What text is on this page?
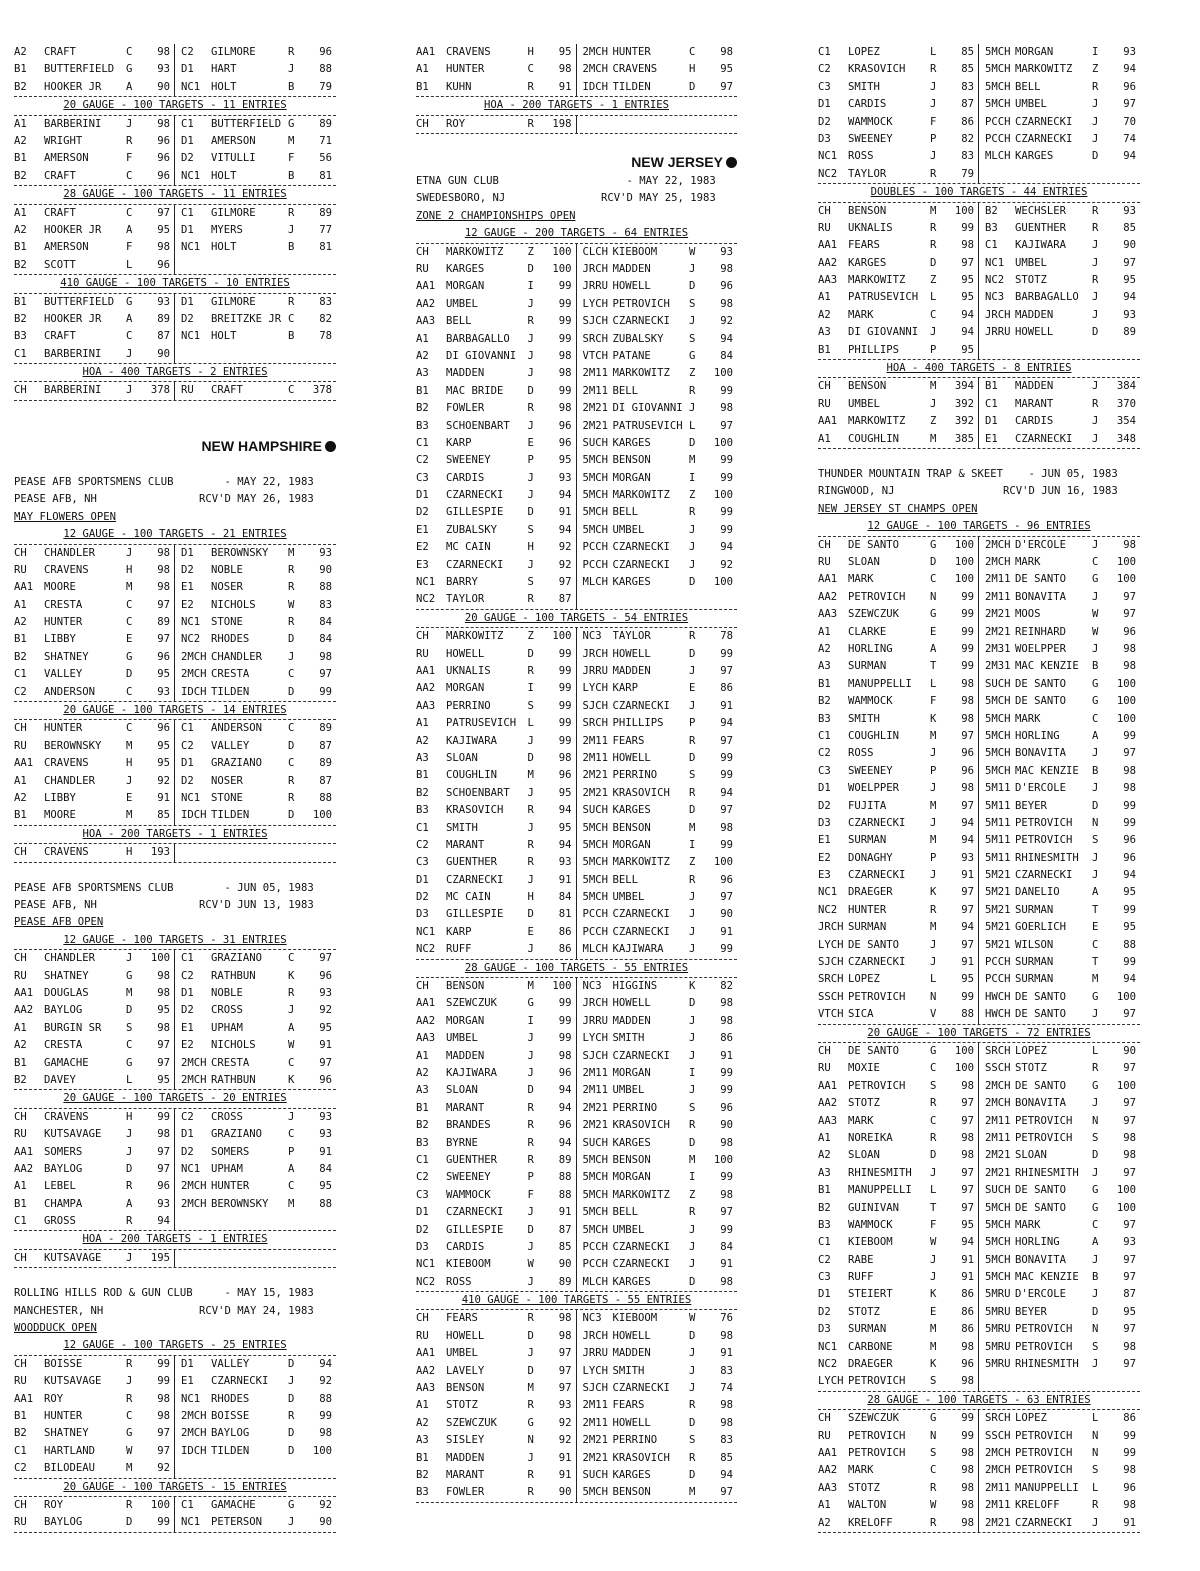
A2	CRAFT	C	98	C2	GILMORE	R	96
B1	BUTTERFIELD	G	93	D1	HART	J	88
B2	HOOKER JR	A	90	NC1	HOLT	B	79
20 GAUGE - 100 TARGETS - 11 ENTRIES
A1	BARBERINI	J	98	C1	BUTTERFIELD G	89
A2	WRIGHT	R	96	D1	AMERSON	M	71
B1	AMERSON	F	96	D2	VITULLI	F	56
B2	CRAFT	C	96	NC1	HOLT	B	81
28 GAUGE - 100 TARGETS - 11 ENTRIES
A1	CRAFT	C	97	C1	GILMORE	R	89
A2	HOOKER JR	A	95	D1	MYERS	J	77
B1	AMERSON	F	98	NC1	HOLT	B	81
B2	SCOTT	L	96
410 GAUGE - 100 TARGETS - 10 ENTRIES
B1	BUTTERFIELD	G	93	D1	GILMORE	R	83
B2	HOOKER JR	A	89	D2	BREITZKE JR C	82
B3	CRAFT	C	87	NC1	HOLT	B	78
C1	BARBERINI	J	90
HOA - 400 TARGETS - 2 ENTRIES
CH	BARBERINI	J	378	RU	CRAFT	C	378
NEW HAMPSHIRE
PEASE AFB SPORTSMENS CLUB        - MAY 22, 1983
PEASE AFB, NH                RCV'D MAY 26, 1983
MAY FLOWERS OPEN
12 GAUGE - 100 TARGETS - 21 ENTRIES
CH	CHANDLER	J	98	D1	BEROWNSKY	M	93
RU	CRAVENS	H	98	D2	NOBLE	R	90
AA1	MOORE	M	98	E1	NOSER	R	88
A1	CRESTA	C	97	E2	NICHOLS	W	83
A2	HUNTER	C	89	NC1	STONE	R	84
B1	LIBBY	E	97	NC2	RHODES	D	84
B2	SHATNEY	G	96	2MCH CHANDLER	J	98
C1	VALLEY	D	95	2MCH CRESTA	C	97
C2	ANDERSON	C	93	IDCH TILDEN	D	99
20 GAUGE - 100 TARGETS - 14 ENTRIES
CH	HUNTER	C	96	C1	ANDERSON	C	89
RU	BEROWNSKY	M	95	C2	VALLEY	D	87
AA1	CRAVENS	H	95	D1	GRAZIANO	C	89
A1	CHANDLER	J	92	D2	NOSER	R	87
A2	LIBBY	E	91	NC1	STONE	R	88
B1	MOORE	M	85	IDCH TILDEN	D	100
HOA - 200 TARGETS - 1 ENTRIES
CH	CRAVENS	H	193
PEASE AFB SPORTSMENS CLUB        - JUN 05, 1983
PEASE AFB, NH                RCV'D JUN 13, 1983
PEASE AFB OPEN
12 GAUGE - 100 TARGETS - 31 ENTRIES
CH	CHANDLER	J	100	C1	GRAZIANO	C	97
RU	SHATNEY	G	98	C2	RATHBUN	K	96
AA1	DOUGLAS	M	98	D1	NOBLE	R	93
AA2	BAYLOG	D	95	D2	CROSS	J	92
A1	BURGIN SR	S	98	E1	UPHAM	A	95
A2	CRESTA	C	97	E2	NICHOLS	W	91
B1	GAMACHE	G	97	2MCH CRESTA	C	97
B2	DAVEY	L	95	2MCH RATHBUN	K	96
20 GAUGE - 100 TARGETS - 20 ENTRIES
CH	CRAVENS	H	99	C2	CROSS	J	93
RU	KUTSAVAGE	J	98	D1	GRAZIANO	C	93
AA1	SOMERS	J	97	D2	SOMERS	P	91
AA2	BAYLOG	D	97	NC1	UPHAM	A	84
A1	LEBEL	R	96	2MCH HUNTER	C	95
B1	CHAMPA	A	93	2MCH BEROWNSKY	M	88
C1	GROSS	R	94
HOA - 200 TARGETS - 1 ENTRIES
CH	KUTSAVAGE	J	195
ROLLING HILLS ROD & GUN CLUB     - MAY 15, 1983
MANCHESTER, NH               RCV'D MAY 24, 1983
WOODDUCK OPEN
12 GAUGE - 100 TARGETS - 25 ENTRIES
CH	BOISSE	R	99	D1	VALLEY	D	94
RU	KUTSAVAGE	J	99	E1	CZARNECKI	J	92
AA1	ROY	R	98	NC1	RHODES	D	88
B1	HUNTER	C	98	2MCH BOISSE	R	99
B2	SHATNEY	G	97	2MCH BAYLOG	D	98
C1	HARTLAND	W	97	IDCH TILDEN	D	100
C2	BILODEAU	M	92
20 GAUGE - 100 TARGETS - 15 ENTRIES
CH	ROY	R	100	C1	GAMACHE	G	92
RU	BAYLOG	D	99	NC1	PETERSON	J	90
AA1	CRAVENS	H	95	2MCH HUNTER	C	98
A1	HUNTER	C	98	2MCH CRAVENS	H	95
B1	KUHN	R	91	IDCH TILDEN	D	97
HOA - 200 TARGETS - 1 ENTRIES
CH	ROY	R	198
NEW JERSEY
ETNA GUN CLUB                    - MAY 22, 1983
SWEDESBORO, NJ               RCV'D MAY 25, 1983
ZONE 2 CHAMPIONSHIPS OPEN
12 GAUGE - 200 TARGETS - 64 ENTRIES
CH	MARKOWITZ	Z	100	CLCH KIEBOOM	W	93
RU	KARGES	D	100	JRCH MADDEN	J	98
AA1	MORGAN	I	99	JRRU HOWELL	D	96
AA2	UMBEL	J	99	LYCH PETROVICH	S	98
AA3	BELL	R	99	SJCH CZARNECKI	J	92
A1	BARBAGALLO	J	99	SRCH ZUBALSKY	S	94
A2	DI GIOVANNI	J	98	VTCH PATANE	G	84
A3	MADDEN	J	98	2M11 MARKOWITZ	Z	100
B1	MAC BRIDE	D	99	2M11 BELL	R	99
B2	FOWLER	R	98	2M21 DI GIOVANNI J	98
B3	SCHOENBART	J	96	2M21 PATRUSEVICH L	97
C1	KARP	E	96	SUCH KARGES	D	100
C2	SWEENEY	P	95	5MCH BENSON	M	99
C3	CARDIS	J	93	5MCH MORGAN	I	99
D1	CZARNECKI	J	94	5MCH MARKOWITZ	Z	100
D2	GILLESPIE	D	91	5MCH BELL	R	99
E1	ZUBALSKY	S	94	5MCH UMBEL	J	99
E2	MC CAIN	H	92	PCCH CZARNECKI	J	94
E3	CZARNECKI	J	92	PCCH CZARNECKI	J	92
NC1	BARRY	S	97	MLCH KARGES	D	100
NC2	TAYLOR	R	87
20 GAUGE - 100 TARGETS - 54 ENTRIES
CH	MARKOWITZ	Z	100	NC3	TAYLOR	R	78
RU	HOWELL	D	99	JRCH HOWELL	D	99
AA1	UKNALIS	R	99	JRRU MADDEN	J	97
AA2	MORGAN	I	99	LYCH KARP	E	86
AA3	PERRINO	S	99	SJCH CZARNECKI	J	91
A1	PATRUSEVICH	L	99	SRCH PHILLIPS	P	94
A2	KAJIWARA	J	99	2M11 FEARS	R	97
A3	SLOAN	D	98	2M11 HOWELL	D	99
B1	COUGHLIN	M	96	2M21 PERRINO	S	99
B2	SCHOENBART	J	95	2M21 KRASOVICH	R	94
B3	KRASOVICH	R	94	SUCH KARGES	D	97
C1	SMITH	J	95	5MCH BENSON	M	98
C2	MARANT	R	94	5MCH MORGAN	I	99
C3	GUENTHER	R	93	5MCH MARKOWITZ	Z	100
D1	CZARNECKI	J	91	5MCH BELL	R	96
D2	MC CAIN	H	84	5MCH UMBEL	J	97
D3	GILLESPIE	D	81	PCCH CZARNECKI	J	90
NC1	KARP	E	86	PCCH CZARNECKI	J	91
NC2	RUFF	J	86	MLCH KAJIWARA	J	99
28 GAUGE - 100 TARGETS - 55 ENTRIES
CH	BENSON	M	100	NC3	HIGGINS	K	82
AA1	SZEWCZUK	G	99	JRCH HOWELL	D	98
AA2	MORGAN	I	99	JRRU MADDEN	J	98
AA3	UMBEL	J	99	LYCH SMITH	J	86
A1	MADDEN	J	98	SJCH CZARNECKI	J	91
A2	KAJIWARA	J	96	2M11 MORGAN	I	99
A3	SLOAN	D	94	2M11 UMBEL	J	99
B1	MARANT	R	94	2M21 PERRINO	S	96
B2	BRANDES	R	96	2M21 KRASOVICH	R	90
B3	BYRNE	R	94	SUCH KARGES	D	98
C1	GUENTHER	R	89	5MCH BENSON	M	100
C2	SWEENEY	P	88	5MCH MORGAN	I	99
C3	WAMMOCK	F	88	5MCH MARKOWITZ	Z	98
D1	CZARNECKI	J	91	5MCH BELL	R	97
D2	GILLESPIE	D	87	5MCH UMBEL	J	99
D3	CARDIS	J	85	PCCH CZARNECKI	J	84
NC1	KIEBOOM	W	90	PCCH CZARNECKI	J	91
NC2	ROSS	J	89	MLCH KARGES	D	98
410 GAUGE - 100 TARGETS - 55 ENTRIES
CH	FEARS	R	98	NC3	KIEBOOM	W	76
RU	HOWELL	D	98	JRCH HOWELL	D	98
AA1	UMBEL	J	97	JRRU MADDEN	J	91
AA2	LAVELY	D	97	LYCH SMITH	J	83
AA3	BENSON	M	97	SJCH CZARNECKI	J	74
A1	STOTZ	R	93	2M11 FEARS	R	98
A2	SZEWCZUK	G	92	2M11 HOWELL	D	98
A3	SISLEY	N	92	2M21 PERRINO	S	83
B1	MADDEN	J	91	2M21 KRASOVICH	R	85
B2	MARANT	R	91	SUCH KARGES	D	94
B3	FOWLER	R	90	5MCH BENSON	M	97
C1	LOPEZ	L	85	5MCH MORGAN	I	93
C2	KRASOVICH	R	85	5MCH MARKOWITZ	Z	94
C3	SMITH	J	83	5MCH BELL	R	96
D1	CARDIS	J	87	5MCH UMBEL	J	97
D2	WAMMOCK	F	86	PCCH CZARNECKI	J	70
D3	SWEENEY	P	82	PCCH CZARNECKI	J	74
NC1	ROSS	J	83	MLCH KARGES	D	94
NC2	TAYLOR	R	79
DOUBLES - 100 TARGETS - 44 ENTRIES
CH	BENSON	M	100	B2	WECHSLER	R	93
RU	UKNALIS	R	99	B3	GUENTHER	R	85
AA1	FEARS	R	98	C1	KAJIWARA	J	90
AA2	KARGES	D	97	NC1	UMBEL	J	97
AA3	MARKOWITZ	Z	95	NC2	STOTZ	R	95
A1	PATRUSEVICH	L	95	NC3	BARBAGALLO	J	94
A2	MARK	C	94	JRCH MADDEN	J	93
A3	DI GIOVANNI	J	94	JRRU HOWELL	D	89
B1	PHILLIPS	P	95
HOA - 400 TARGETS - 8 ENTRIES
CH	BENSON	M	394	B1	MADDEN	J	384
RU	UMBEL	J	392	C1	MARANT	R	370
AA1	MARKOWITZ	Z	392	D1	CARDIS	J	354
A1	COUGHLIN	M	385	E1	CZARNECKI	J	348
THUNDER MOUNTAIN TRAP & SKEET    - JUN 05, 1983
RINGWOOD, NJ                 RCV'D JUN 16, 1983
NEW JERSEY ST CHAMPS OPEN
12 GAUGE - 100 TARGETS - 96 ENTRIES
CH	DE SANTO	G	100	2MCH D'ERCOLE	J	98
RU	SLOAN	D	100	2MCH MARK	C	100
AA1	MARK	C	100	2M11 DE SANTO	G	100
AA2	PETROVICH	N	99	2M11 BONAVITA	J	97
AA3	SZEWCZUK	G	99	2M21 MOOS	W	97
A1	CLARKE	E	99	2M21 REINHARD	W	96
A2	HORLING	A	99	2M31 WOELPPER	J	98
A3	SURMAN	T	99	2M31 MAC KENZIE	B	98
B1	MANUPPELLI	L	98	SUCH DE SANTO	G	100
B2	WAMMOCK	F	98	5MCH DE SANTO	G	100
B3	SMITH	K	98	5MCH MARK	C	100
C1	COUGHLIN	M	97	5MCH HORLING	A	99
C2	ROSS	J	96	5MCH BONAVITA	J	97
C3	SWEENEY	P	96	5MCH MAC KENZIE	B	98
D1	WOELPPER	J	98	5M11 D'ERCOLE	J	98
D2	FUJITA	M	97	5M11 BEYER	D	99
D3	CZARNECKI	J	94	5M11 PETROVICH	N	99
E1	SURMAN	M	94	5M11 PETROVICH	S	96
E2	DONAGHY	P	93	5M11 RHINESMITH	J	96
E3	CZARNECKI	J	91	5M21 CZARNECKI	J	94
NC1	DRAEGER	K	97	5M21 DANELIO	A	95
NC2	HUNTER	R	97	5M21 SURMAN	T	99
JRCH SURMAN	M	94	5M21 GOERLICH	E	95
LYCH DE SANTO	J	97	5M21 WILSON	C	88
SJCH CZARNECKI	J	91	PCCH SURMAN	T	99
SRCH LOPEZ	L	95	PCCH SURMAN	M	94
SSCH PETROVICH	N	99	HWCH DE SANTO	G	100
VTCH SICA	V	88	HWCH DE SANTO	J	97
20 GAUGE - 100 TARGETS - 72 ENTRIES
CH	DE SANTO	G	100	SRCH LOPEZ	L	90
RU	MOXIE	C	100	SSCH STOTZ	R	97
AA1	PETROVICH	S	98	2MCH DE SANTO	G	100
AA2	STOTZ	R	97	2MCH BONAVITA	J	97
AA3	MARK	C	97	2M11 PETROVICH	N	97
A1	NOREIKA	R	98	2M11 PETROVICH	S	98
A2	SLOAN	D	98	2M21 SLOAN	D	98
A3	RHINESMITH	J	97	2M21 RHINESMITH	J	97
B1	MANUPPELLI	L	97	SUCH DE SANTO	G	100
B2	GUINIVAN	T	97	5MCH DE SANTO	G	100
B3	WAMMOCK	F	95	5MCH MARK	C	97
C1	KIEBOOM	W	94	5MCH HORLING	A	93
C2	RABE	J	91	5MCH BONAVITA	J	97
C3	RUFF	J	91	5MCH MAC KENZIE	B	97
D1	STEIERT	K	86	5MRU D'ERCOLE	J	87
D2	STOTZ	E	86	5MRU BEYER	D	95
D3	SURMAN	M	86	5MRU PETROVICH	N	97
NC1	CARBONE	M	98	5MRU PETROVICH	S	98
NC2	DRAEGER	K	96	5MRU RHINESMITH	J	97
LYCH PETROVICH	S	98
28 GAUGE - 100 TARGETS - 63 ENTRIES
CH	SZEWCZUK	G	99	SRCH LOPEZ	L	86
RU	PETROVICH	N	99	SSCH PETROVICH	N	99
AA1	PETROVICH	S	98	2MCH PETROVICH	N	99
AA2	MARK	C	98	2MCH PETROVICH	S	98
AA3	STOTZ	R	98	2M11 MANUPPELLI	L	96
A1	WALTON	W	98	2M11 KRELOFF	R	98
A2	KRELOFF	R	98	2M21 CZARNECKI	J	91
